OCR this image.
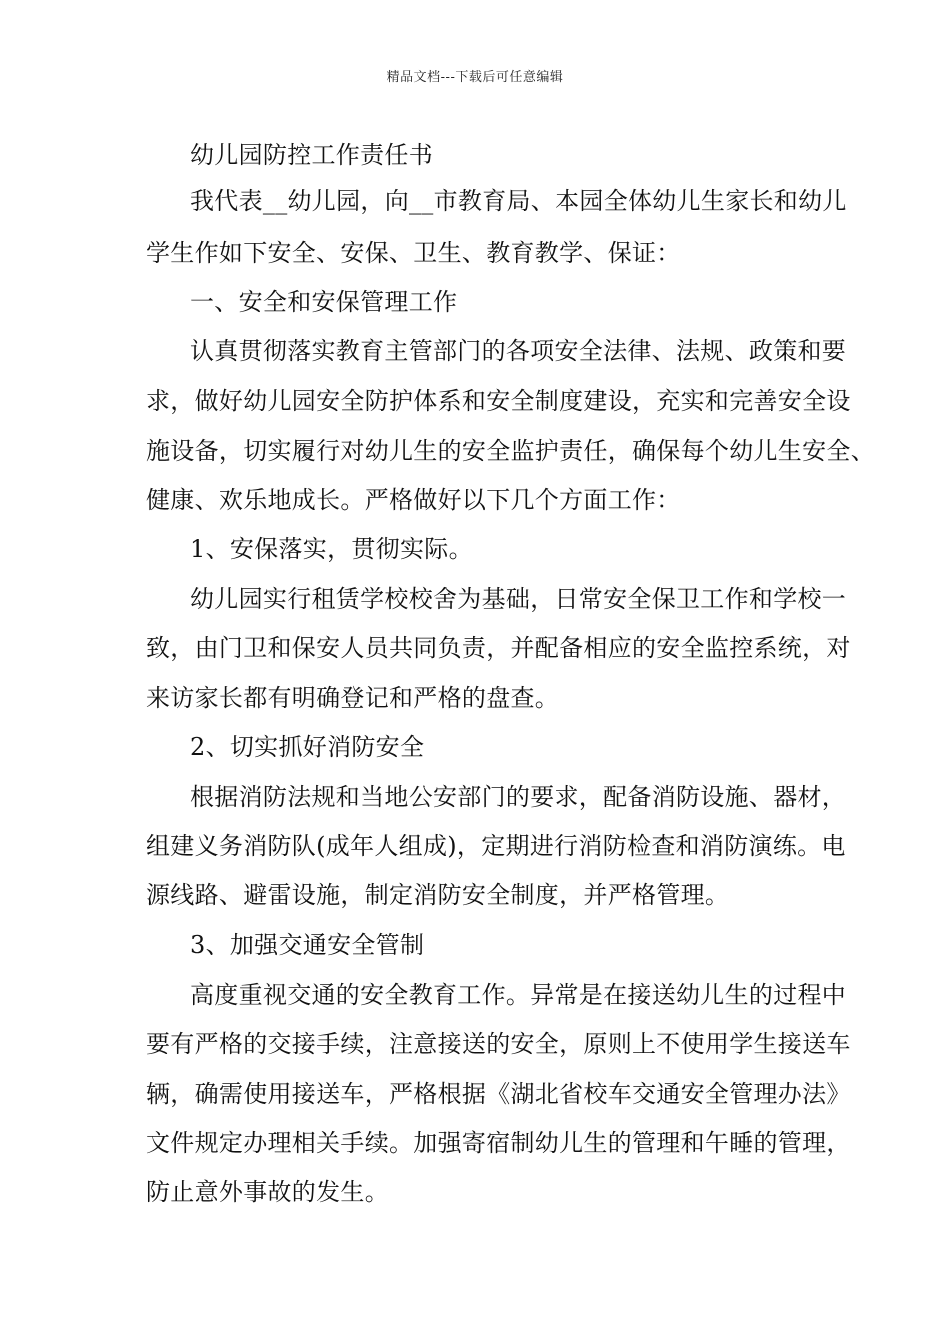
精品文档---下载后可任意编辑
幼儿园防控工作责任书
我代表__幼儿园，向__市教育局、本园全体幼儿生家长和幼儿
学生作如下安全、安保、卫生、教育教学、保证：
一、安全和安保管理工作
认真贯彻落实教育主管部门的各项安全法律、法规、政策和要
求，做好幼儿园安全防护体系和安全制度建设，充实和完善安全设
施设备，切实履行对幼儿生的安全监护责任，确保每个幼儿生安全、
健康、欢乐地成长。严格做好以下几个方面工作：
1、安保落实，贯彻实际。
幼儿园实行租赁学校校舍为基础，日常安全保卫工作和学校一
致，由门卫和保安人员共同负责，并配备相应的安全监控系统，对
来访家长都有明确登记和严格的盘查。
2、切实抓好消防安全
根据消防法规和当地公安部门的要求，配备消防设施、器材，
组建义务消防队(成年人组成)，定期进行消防检查和消防演练。电
源线路、避雷设施，制定消防安全制度，并严格管理。
3、加强交通安全管制
高度重视交通的安全教育工作。异常是在接送幼儿生的过程中
要有严格的交接手续，注意接送的安全，原则上不使用学生接送车
辆，确需使用接送车，严格根据《湖北省校车交通安全管理办法》
文件规定办理相关手续。加强寄宿制幼儿生的管理和午睡的管理，
防止意外事故的发生。
